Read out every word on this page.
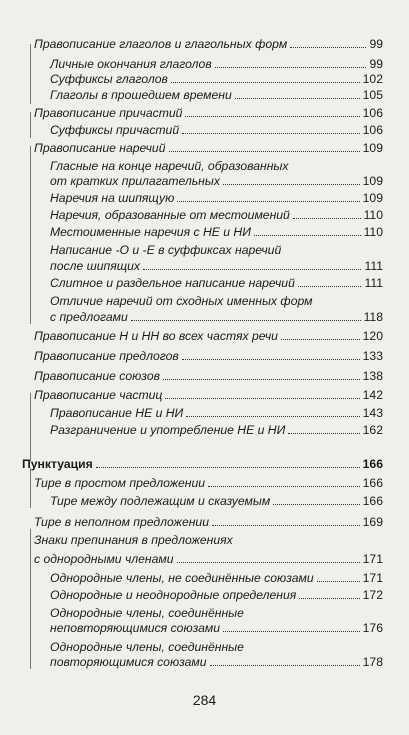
Правописание глаголов и глагольных форм	99
Личные окончания глаголов	99
Суффиксы глаголов	102
Глаголы в прошедшем времени	105
Правописание причастий	106
Суффиксы причастий	106
Правописание наречий	109
Гласные на конце наречий, образованных
от кратких прилагательных	109
Наречия на шипящую	109
Наречия, образованные от местоимений	110
Местоименные наречия с НЕ и НИ	110
Написание -О и -Е в суффиксах наречий
после шипящих	111
Слитное и раздельное написание наречий	111
Отличие наречий от сходных именных форм
с предлогами	118
Правописание Н и НН во всех частях речи	120
Правописание предлогов	133
Правописание союзов	138
Правописание частиц	142
Правописание НЕ и НИ	143
Разграничение и употребление НЕ и НИ	162
Пунктуация	166
Тире в простом предложении	166
Тире между подлежащим и сказуемым	166
Тире в неполном предложении	169
Знаки препинания в предложениях
с однородными членами	171
Однородные члены, не соединённые союзами	171
Однородные и неоднородные определения	172
Однородные члены, соединённые
неповторяющимися союзами	176
Однородные члены, соединённые
повторяющимися союзами	178
284
